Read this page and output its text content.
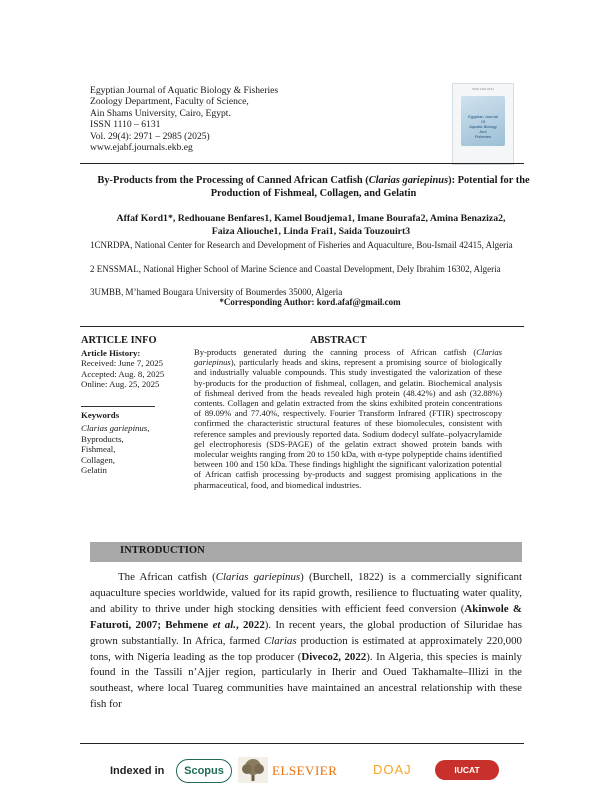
Egyptian Journal of Aquatic Biology & Fisheries
Zoology Department, Faculty of Science,
Ain Shams University, Cairo, Egypt.
ISSN 1110 – 6131
Vol. 29(4): 2971 – 2985 (2025)
www.ejabf.journals.ekb.eg
ISSN 1110-6131
Egyptian Journal
Of
Aquatic Biology
And
Fisheries
By-Products from the Processing of Canned African Catfish (Clarias gariepinus): Potential for the Production of Fishmeal, Collagen, and Gelatin
Affaf Kord1*, Redhouane Benfares1, Kamel Boudjema1, Imane Bourafa2, Amina Benaziza2,
Faiza Aliouche1, Linda Frai1, Saida Touzouirt3
1CNRDPA, National Center for Research and Development of Fisheries and Aquaculture, Bou-Ismail 42415, Algeria
2 ENSSMAL, National Higher School of Marine Science and Coastal Development, Dely Ibrahim 16302, Algeria
3UMBB, M’hamed Bougara University of Boumerdes 35000, Algeria
*Corresponding Author: kord.afaf@gmail.com
ARTICLE INFO
Article History:
Received: June 7, 2025
Accepted: Aug. 8, 2025
Online: Aug. 25, 2025
Keywords
Clarias gariepinus,
Byproducts,
Fishmeal,
Collagen,
Gelatin
ABSTRACT
By-products generated during the canning process of African catfish (Clarias gariepinus), particularly heads and skins, represent a promising source of biologically and industrially valuable compounds. This study investigated the valorization of these by-products for the production of fishmeal, collagen, and gelatin. Biochemical analysis of fishmeal derived from the heads revealed high protein (48.42%) and ash (32.88%) contents. Collagen and gelatin extracted from the skins exhibited protein concentrations of 89.09% and 77.40%, respectively. Fourier Transform Infrared (FTIR) spectroscopy confirmed the characteristic structural features of these biomolecules, consistent with reference samples and previously reported data. Sodium dodecyl sulfate–polyacrylamide gel electrophoresis (SDS-PAGE) of the gelatin extract showed protein bands with molecular weights ranging from 20 to 150 kDa, with α-type polypeptide chains identified between 100 and 150 kDa. These findings highlight the significant valorization potential of African catfish processing by-products and suggest promising applications in the pharmaceutical, food, and biomedical industries.
INTRODUCTION
The African catfish (Clarias gariepinus) (Burchell, 1822) is a commercially significant aquaculture species worldwide, valued for its rapid growth, resilience to fluctuating water quality, and ability to thrive under high stocking densities with efficient feed conversion (Akinwole & Faturoti, 2007; Behmene et al., 2022). In recent years, the global production of Siluridae has grown substantially. In Africa, farmed Clarias production is estimated at approximately 220,000 tons, with Nigeria leading as the top producer (Diveco2, 2022). In Algeria, this species is mainly found in the Tassili n’Ajjer region, particularly in Iherir and Oued Takhamalte–Illizi in the southeast, where local Tuareg communities have maintained an ancestral relationship with these fish for
Indexed in	Scopus	ELSEVIER	DOAJ	IUCAT
